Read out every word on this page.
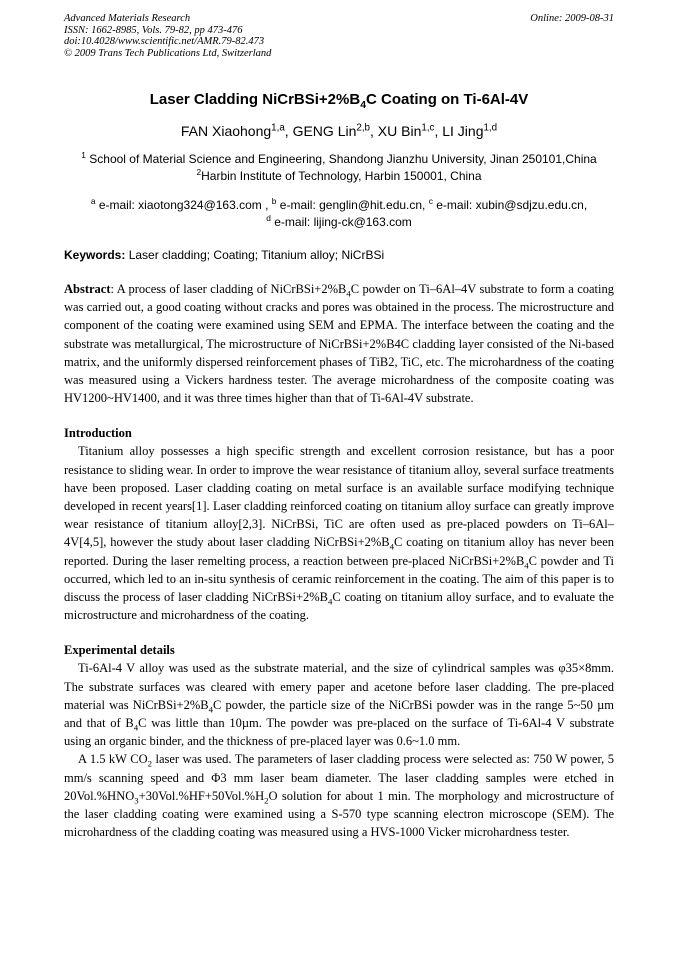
Advanced Materials Research
ISSN: 1662-8985, Vols. 79-82, pp 473-476
doi:10.4028/www.scientific.net/AMR.79-82.473
© 2009 Trans Tech Publications Ltd, Switzerland
Online: 2009-08-31
Laser Cladding $NiCrBSi+2\%B_4C$ Coating on Ti-6Al-4V
FAN Xiaohong$^{1,a}$, GENG Lin$^{2,b}$, XU Bin$^{1,c}$, LI Jing$^{1,d}$
$^1$ School of Material Science and Engineering, Shandong Jianzhu University, Jinan 250101,China
$^2$Harbin Institute of Technology, Harbin 150001, China
$^a$ e-mail: xiaotong324@163.com , $^b$ e-mail: genglin@hit.edu.cn, $^c$ e-mail: xubin@sdjzu.edu.cn,
$^d$ e-mail: lijing-ck@163.com
Keywords: Laser cladding; Coating; Titanium alloy; NiCrBSi

Abstract: A process of laser cladding of $NiCrBSi+2\%B_4C$ powder on Ti–6Al–4V substrate to form a coating was carried out, a good coating without cracks and pores was obtained in the process. The microstructure and component of the coating were examined using SEM and EPMA. The interface between the coating and the substrate was metallurgical, The microstructure of NiCrBSi+2%B4C cladding layer consisted of the Ni-based matrix, and the uniformly dispersed reinforcement phases of TiB2, TiC, etc. The microhardness of the coating was measured using a Vickers hardness tester. The average microhardness of the composite coating was HV1200~HV1400, and it was three times higher than that of Ti-6Al-4V substrate.

Introduction

Titanium alloy possesses a high specific strength and excellent corrosion resistance, but has a poor resistance to sliding wear. In order to improve the wear resistance of titanium alloy, several surface treatments have been proposed. Laser cladding coating on metal surface is an available surface modifying technique developed in recent years[1]. Laser cladding reinforced coating on titanium alloy surface can greatly improve wear resistance of titanium alloy[2,3]. NiCrBSi, TiC are often used as pre-placed powders on Ti–6Al–4V[4,5], however the study about laser cladding $NiCrBSi+2\%B_4C$ coating on titanium alloy has never been reported. During the laser remelting process, a reaction between pre-placed $NiCrBSi+2\%B_4C$ powder and Ti occurred, which led to an in-situ synthesis of ceramic reinforcement in the coating. The aim of this paper is to discuss the process of laser cladding $NiCrBSi+2\%B_4C$ coating on titanium alloy surface, and to evaluate the microstructure and microhardness of the coating.

Experimental details

Ti-6Al-4 V alloy was used as the substrate material, and the size of cylindrical samples was φ35×8mm. The substrate surfaces was cleared with emery paper and acetone before laser cladding. The pre-placed material was $NiCrBSi+2\%B_4C$ powder, the particle size of the NiCrBSi powder was in the range 5~50 µm and that of $B_4C$ was little than 10µm. The powder was pre-placed on the surface of Ti-6Al-4 V substrate using an organic binder, and the thickness of pre-placed layer was 0.6~1.0 mm.

A 1.5 kW $CO_2$ laser was used. The parameters of laser cladding process were selected as: 750 W power, 5 mm/s scanning speed and Φ3 mm laser beam diameter. The laser cladding samples were etched in $20Vol.\%HNO_3+30Vol.\%HF+50Vol.\%H_2O$ solution for about 1 min. The morphology and microstructure of the laser cladding coating were examined using a S-570 type scanning electron microscope (SEM). The microhardness of the cladding coating was measured using a HVS-1000 Vicker microhardness tester.
